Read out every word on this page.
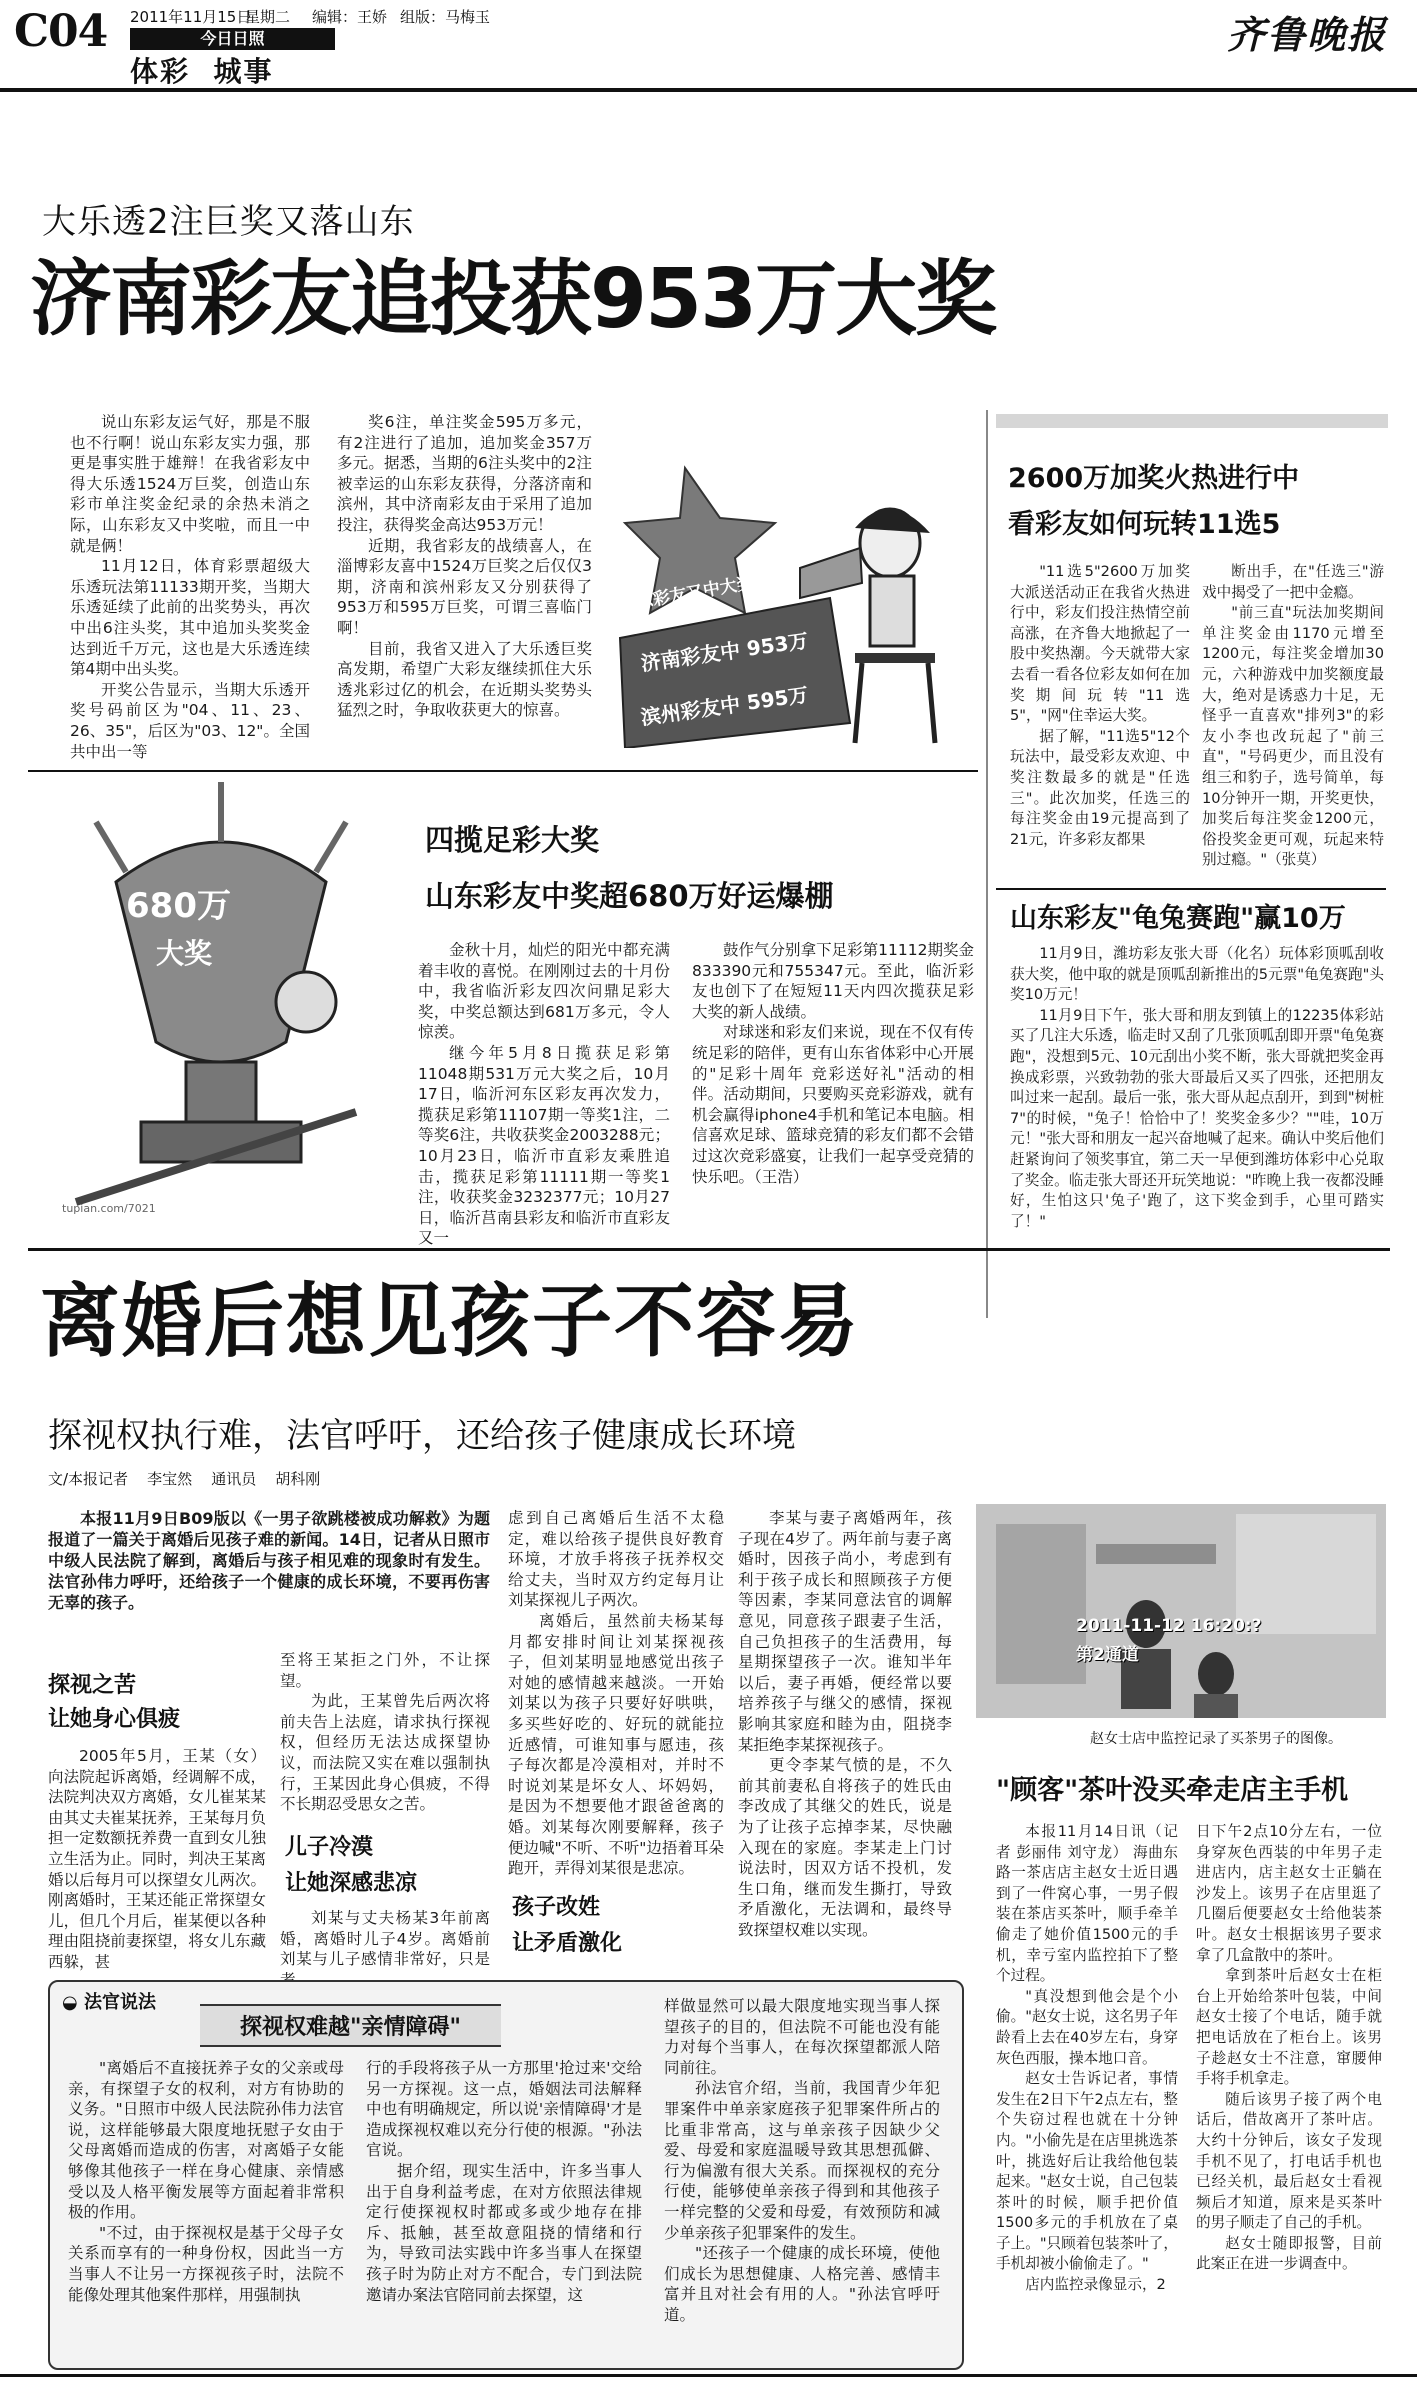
C04 2011年11月15日
星期二 编辑：王娇 组版：马梅玉
今日日照
体彩  城事
齐鲁晚报
大乐透2注巨奖又落山东
济南彩友追投获953万大奖

说山东彩友运气好，那是不服也不行啊！说山东彩友实力强，那更是事实胜于雄辩！在我省彩友中得大乐透1524万巨奖，创造山东彩市单注奖金纪录的余热未消之际，山东彩友又中奖啦，而且一中就是俩！

11月12日，体育彩票超级大乐透玩法第11133期开奖，当期大乐透延续了此前的出奖势头，再次中出6注头奖，其中追加头奖奖金达到近千万元，这也是大乐透连续第4期中出头奖。

开奖公告显示，当期大乐透开奖号码前区为"04、11、23、26、35"，后区为"03、12"。全国共中出一等

奖6注，单注奖金595万多元，有2注进行了追加，追加奖金357万多元。据悉，当期的6注头奖中的2注被幸运的山东彩友获得，分落济南和滨州，其中济南彩友由于采用了追加投注，获得奖金高达953万元！

近期，我省彩友的战绩喜人，在淄博彩友喜中1524万巨奖之后仅仅3期，济南和滨州彩友又分别获得了953万和595万巨奖，可谓三喜临门啊！

目前，我省又进入了大乐透巨奖高发期，希望广大彩友继续抓住大乐透兆彩过亿的机会，在近期头奖势头猛烈之时，争取收获更大的惊喜。

山东彩友又中大奖啦
济南彩友中 953万
滨州彩友中 595万
2600万加奖火热进行中
看彩友如何玩转11选5

"11选5"2600万加奖大派送活动正在我省火热进行中，彩友们投注热情空前高涨，在齐鲁大地掀起了一股中奖热潮。今天就带大家去看一看各位彩友如何在加奖期间玩转"11选5"，"网"住幸运大奖。

据了解，"11选5"12个玩法中，最受彩友欢迎、中奖注数最多的就是"任选三"。此次加奖，任选三的每注奖金由19元提高到了21元，许多彩友都果

断出手，在"任选三"游戏中揭受了一把中金瘾。

"前三直"玩法加奖期间单注奖金由1170元增至1200元，每注奖金增加30元，六种游戏中加奖额度最大，绝对是诱惑力十足，无怪乎一直喜欢"排列3"的彩友小李也改玩起了"前三直"，"号码更少，而且没有组三和豹子，选号简单，每10分钟开一期，开奖更快，加奖后每注奖金1200元，俗投奖金更可观，玩起来特别过瘾。"（张莫）

山东彩友"龟兔赛跑"赢10万

11月9日，潍坊彩友张大哥（化名）玩体彩顶呱刮收获大奖，他中取的就是顶呱刮新推出的5元票"龟兔赛跑"头奖10万元！

11月9日下午，张大哥和朋友到镇上的12235体彩站买了几注大乐透，临走时又刮了几张顶呱刮即开票"龟兔赛跑"，没想到5元、10元刮出小奖不断，张大哥就把奖金再换成彩票，兴致勃勃的张大哥最后又买了四张，还把朋友叫过来一起刮。最后一张，张大哥从起点刮开，到到"树桩7"的时候，"兔子！恰恰中了！奖奖金多少？""哇，10万元！"张大哥和朋友一起兴奋地喊了起来。确认中奖后他们赶紧询问了领奖事宜，第二天一早便到潍坊体彩中心兑取了奖金。临走张大哥还开玩笑地说："昨晚上我一夜都没睡好，生怕这只'兔子'跑了，这下奖金到手，心里可踏实了！"

680万
大奖
tupian.com/7021
四揽足彩大奖
山东彩友中奖超680万好运爆棚

金秋十月，灿烂的阳光中都充满着丰收的喜悦。在刚刚过去的十月份中，我省临沂彩友四次问鼎足彩大奖，中奖总额达到681万多元，令人惊羡。

继今年5月8日揽获足彩第11048期531万元大奖之后，10月17日，临沂河东区彩友再次发力，揽获足彩第11107期一等奖1注，二等奖6注，共收获奖金2003288元；10月23日，临沂市直彩友乘胜追击，揽获足彩第11111期一等奖1注，收获奖金3232377元；10月27日，临沂莒南县彩友和临沂市直彩友又一

鼓作气分别拿下足彩第11112期奖金833390元和755347元。至此，临沂彩友也创下了在短短11天内四次揽获足彩大奖的新人战绩。

对球迷和彩友们来说，现在不仅有传统足彩的陪伴，更有山东省体彩中心开展的"足彩十周年 竞彩送好礼"活动的相伴。活动期间，只要购买竞彩游戏，就有机会赢得iphone4手机和笔记本电脑。相信喜欢足球、篮球竞猜的彩友们都不会错过这次竞彩盛宴，让我们一起享受竞猜的快乐吧。（王浩）

离婚后想见孩子不容易
探视权执行难，法官呼吁，还给孩子健康成长环境
文/本报记者    李宝然    通讯员    胡科刚

本报11月9日B09版以《一男子欲跳楼被成功解救》为题报道了一篇关于离婚后见孩子难的新闻。14日，记者从日照市中级人民法院了解到，离婚后与孩子相见难的现象时有发生。法官孙伟力呼吁，还给孩子一个健康的成长环境，不要再伤害无辜的孩子。

探视之苦
让她身心俱疲

2005年5月，王某（女）向法院起诉离婚，经调解不成，法院判决双方离婚，女儿崔某某由其丈夫崔某抚养，王某每月负担一定数额抚养费一直到女儿独立生活为止。同时，判决王某离婚以后每月可以探望女儿两次。刚离婚时，王某还能正常探望女儿，但几个月后，崔某便以各种理由阻挠前妻探望，将女儿东藏西躲，甚

至将王某拒之门外，不让探望。

为此，王某曾先后两次将前夫告上法庭，请求执行探视权，但经历无法达成探望协议，而法院又实在难以强制执行，王某因此身心俱疲，不得不长期忍受思女之苦。

儿子冷漠
让她深感悲凉

刘某与丈夫杨某3年前离婚，离婚时儿子4岁。离婚前刘某与儿子感情非常好，只是

虑到自己离婚后生活不太稳定，难以给孩子提供良好教育环境，才放手将孩子抚养权交给丈夫，当时双方约定每月让刘某探视儿子两次。

离婚后，虽然前夫杨某每月都安排时间让刘某探视孩子，但刘某明显地感觉出孩子对她的感情越来越淡。一开始刘某以为孩子只要好好哄哄，多买些好吃的、好玩的就能拉近感情，可谁知事与愿违，孩子每次都是冷漠相对，并时不时说刘某是坏女人、坏妈妈，是因为不想要他才跟爸爸离的婚。刘某每次刚要解释，孩子便边喊"不听、不听"边捂着耳朵跑开，弄得刘某很是悲凉。

孩子改姓
让矛盾激化

李某与妻子离婚两年，孩子现在4岁了。两年前与妻子离婚时，因孩子尚小，考虑到有利于孩子成长和照顾孩子方便等因素，李某同意法官的调解意见，同意孩子跟妻子生活，自己负担孩子的生活费用，每星期探望孩子一次。谁知半年以后，妻子再婚，便经常以要培养孩子与继父的感情，探视影响其家庭和睦为由，阻挠李某拒绝李某探视孩子。

更令李某气愤的是，不久前其前妻私自将孩子的姓氏由李改成了其继父的姓氏，说是为了让孩子忘掉李某，尽快融入现在的家庭。李某走上门讨说法时，因双方话不投机，发生口角，继而发生撕打，导致矛盾激化，无法调和，最终导致探望权难以实现。

◒ 法官说法
探视权难越"亲情障碍"

"离婚后不直接抚养子女的父亲或母亲，有探望子女的权利，对方有协助的义务。"日照市中级人民法院孙伟力法官说，这样能够最大限度地抚慰子女由于父母离婚而造成的伤害，对离婚子女能够像其他孩子一样在身心健康、亲情感受以及人格平衡发展等方面起着非常积极的作用。

"不过，由于探视权是基于父母子女关系而享有的一种身份权，因此当一方当事人不让另一方探视孩子时，法院不能像处理其他案件那样，用强制执

行的手段将孩子从一方那里'抢过来'交给另一方探视。这一点，婚姻法司法解释中也有明确规定，所以说'亲情障碍'才是造成探视权难以充分行使的根源。"孙法官说。

据介绍，现实生活中，许多当事人出于自身利益考虑，在对方依照法律规定行使探视权时都或多或少地存在排斥、抵触，甚至故意阻挠的情绪和行为，导致司法实践中许多当事人在探望孩子时为防止对方不配合，专门到法院邀请办案法官陪同前去探望，这

样做显然可以最大限度地实现当事人探望孩子的目的，但法院不可能也没有能力对每个当事人，在每次探望都派人陪同前往。

孙法官介绍，当前，我国青少年犯罪案件中单亲家庭孩子犯罪案件所占的比重非常高，这与单亲孩子因缺少父爱、母爱和家庭温暖导致其思想孤僻、行为偏激有很大关系。而探视权的充分行使，能够使单亲孩子得到和其他孩子一样完整的父爱和母爱，有效预防和减少单亲孩子犯罪案件的发生。

"还孩子一个健康的成长环境，使他们成长为思想健康、人格完善、感情丰富并且对社会有用的人。"孙法官呼吁道。

2011-11-12 16:20:?
第2通道
赵女士店中监控记录了买茶男子的图像。
"顾客"茶叶没买牵走店主手机

本报11月14日讯（记者 彭丽伟 刘守龙） 海曲东路一茶店店主赵女士近日遇到了一件窝心事，一男子假装在茶店买茶叶，顺手牵羊偷走了她价值1500元的手机，幸亏室内监控拍下了整个过程。

"真没想到他会是个小偷。"赵女士说，这名男子年龄看上去在40岁左右，身穿灰色西服，操本地口音。

赵女士告诉记者，事情发生在2日下午2点左右，整个失窃过程也就在十分钟内。"小偷先是在店里挑选茶叶，挑选好后让我给他包装起来。"赵女士说，自己包装茶叶的时候，顺手把价值1500多元的手机放在了桌子上。"只顾着包装茶叶了，手机却被小偷偷走了。"

店内监控录像显示，2

日下午2点10分左右，一位身穿灰色西装的中年男子走进店内，店主赵女士正躺在沙发上。该男子在店里逛了几圈后便要赵女士给他装茶叶。赵女士根据该男子要求拿了几盒散中的茶叶。

拿到茶叶后赵女士在柜台上开始给茶叶包装，中间赵女士接了个电话，随手就把电话放在了柜台上。该男子趁赵女士不注意，窜腰伸手将手机拿走。

随后该男子接了两个电话后，借故离开了茶叶店。大约十分钟后，该女子发现手机不见了，打电话手机也已经关机，最后赵女士看视频后才知道，原来是买茶叶的男子顺走了自己的手机。

赵女士随即报警，目前此案正在进一步调查中。
